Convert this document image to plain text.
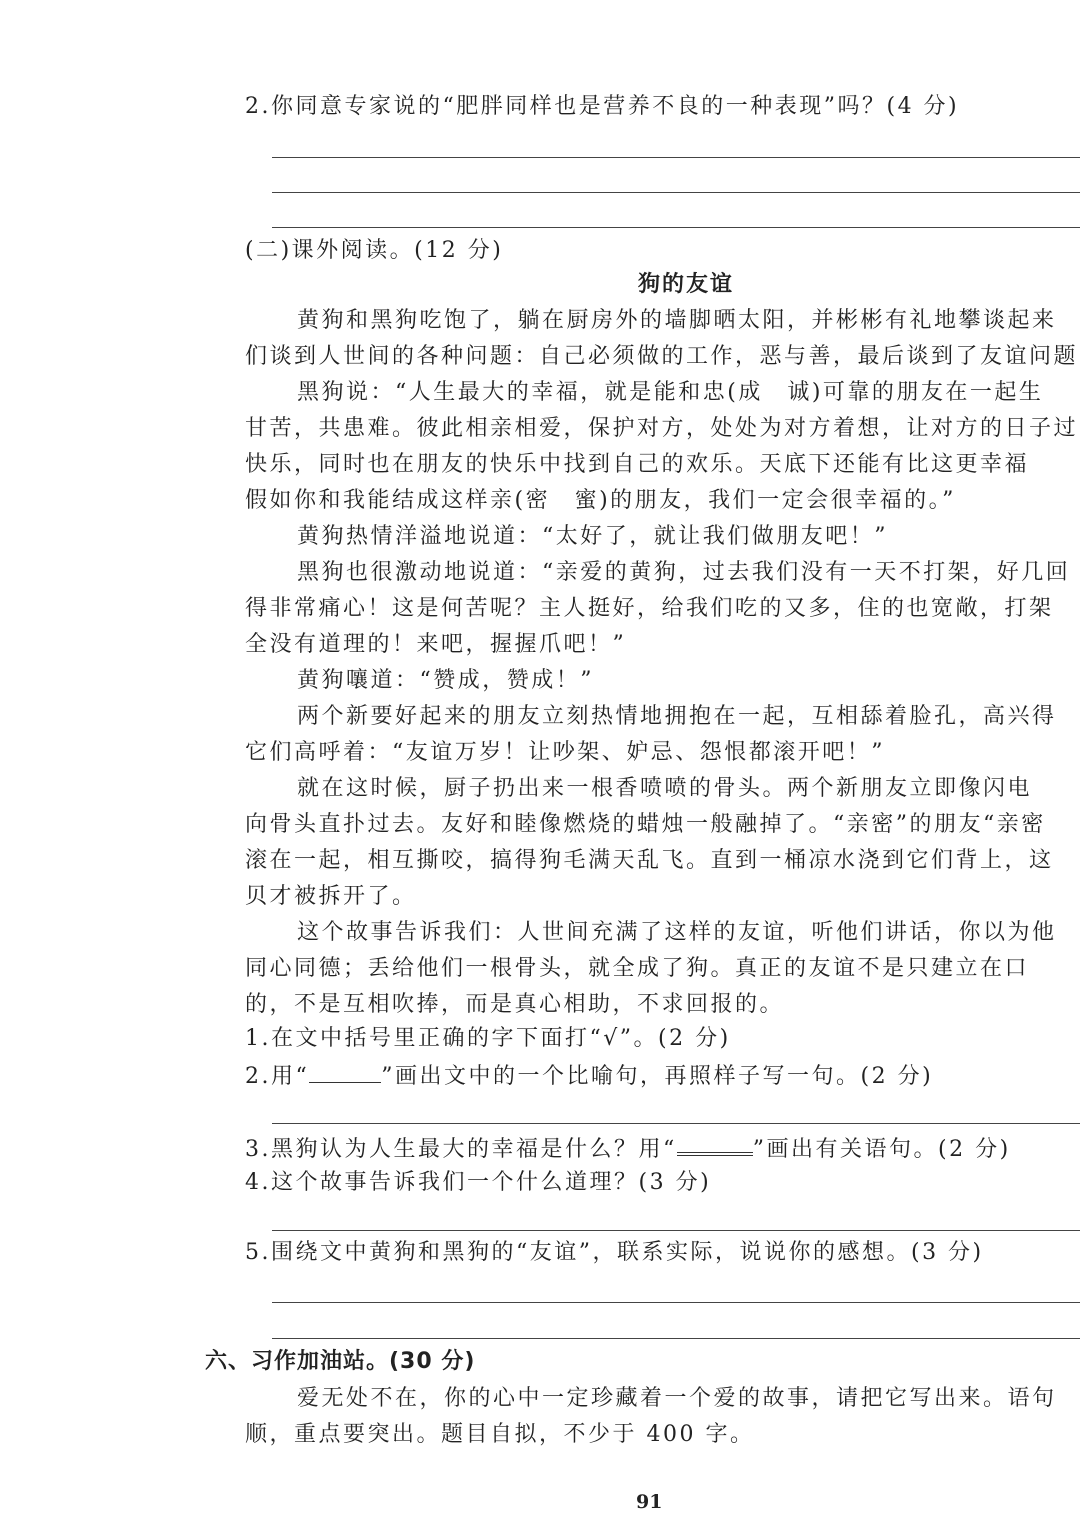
2.你同意专家说的“肥胖同样也是营养不良的一种表现”吗？(4 分)
(二)课外阅读。(12 分)
狗的友谊
黄狗和黑狗吃饱了，躺在厨房外的墙脚晒太阳，并彬彬有礼地攀谈起来
们谈到人世间的各种问题：自己必须做的工作，恶与善，最后谈到了友谊问题
黑狗说：“人生最大的幸福，就是能和忠(成　诚)可靠的朋友在一起生
甘苦，共患难。彼此相亲相爱，保护对方，处处为对方着想，让对方的日子过
快乐，同时也在朋友的快乐中找到自己的欢乐。天底下还能有比这更幸福
假如你和我能结成这样亲(密　蜜)的朋友，我们一定会很幸福的。”
黄狗热情洋溢地说道：“太好了，就让我们做朋友吧！”
黑狗也很激动地说道：“亲爱的黄狗，过去我们没有一天不打架，好几回
得非常痛心！这是何苦呢？主人挺好，给我们吃的又多，住的也宽敞，打架
全没有道理的！来吧，握握爪吧！”
黄狗嚷道：“赞成，赞成！”
两个新要好起来的朋友立刻热情地拥抱在一起，互相舔着脸孔，高兴得
它们高呼着：“友谊万岁！让吵架、妒忌、怨恨都滚开吧！”
就在这时候，厨子扔出来一根香喷喷的骨头。两个新朋友立即像闪电
向骨头直扑过去。友好和睦像燃烧的蜡烛一般融掉了。“亲密”的朋友“亲密
滚在一起，相互撕咬，搞得狗毛满天乱飞。直到一桶凉水浇到它们背上，这
贝才被拆开了。
这个故事告诉我们：人世间充满了这样的友谊，听他们讲话，你以为他
同心同德；丢给他们一根骨头，就全成了狗。真正的友谊不是只建立在口
的，不是互相吹捧，而是真心相助，不求回报的。
1.在文中括号里正确的字下面打“√”。(2 分)
2.用“	”画出文中的一个比喻句，再照样子写一句。(2 分)
3.黑狗认为人生最大的幸福是什么？用“	”画出有关语句。(2 分)
4.这个故事告诉我们一个什么道理？(3 分)
5.围绕文中黄狗和黑狗的“友谊”，联系实际，说说你的感想。(3 分)
六、习作加油站。(30 分)
爱无处不在，你的心中一定珍藏着一个爱的故事，请把它写出来。语句
顺，重点要突出。题目自拟，不少于 400 字。
91
